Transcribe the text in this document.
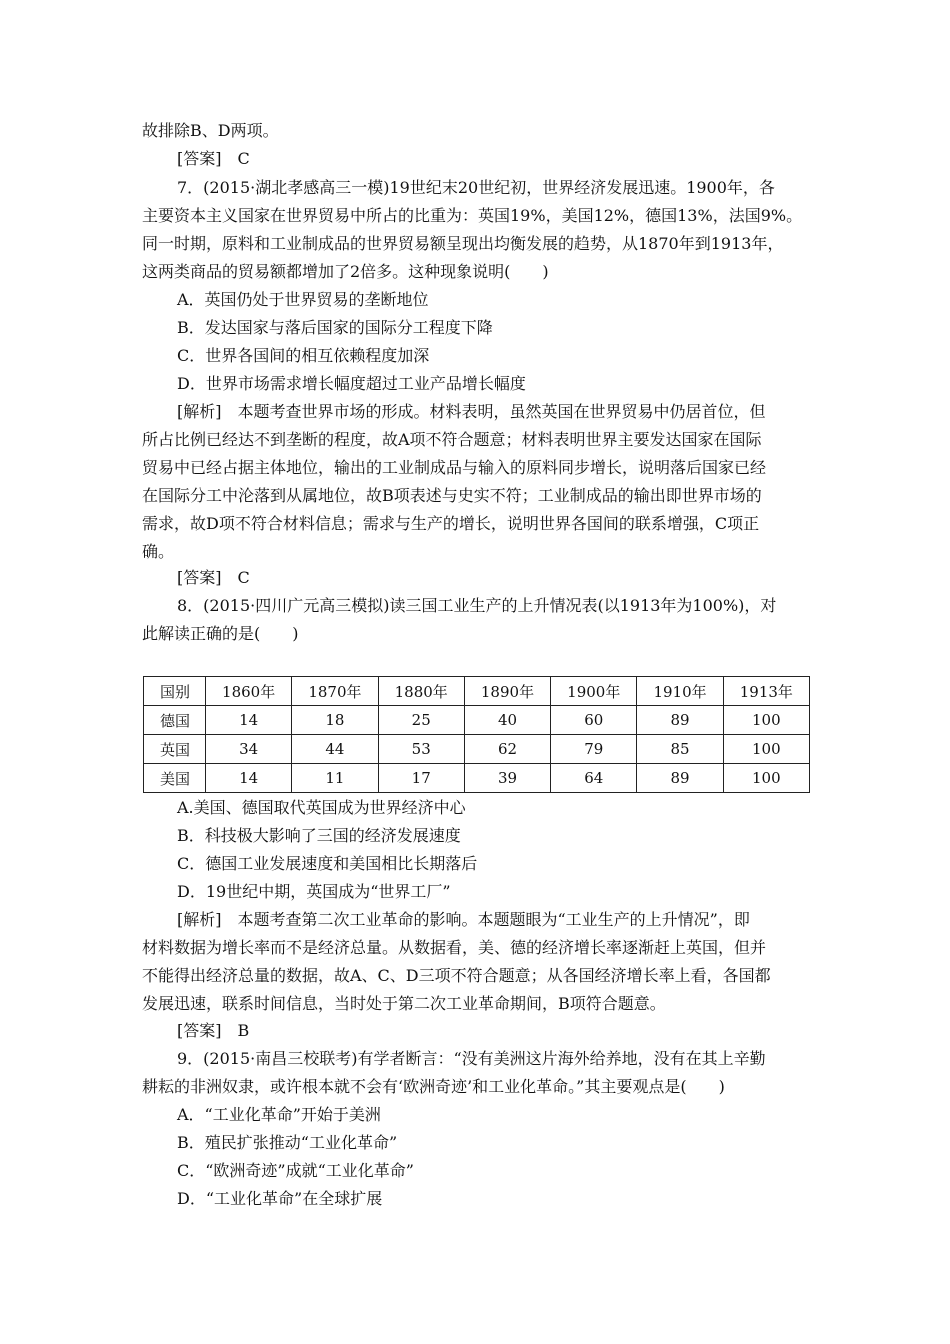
故排除B、D两项。
[答案]　C
7．(2015·湖北孝感高三一模)19世纪末20世纪初，世界经济发展迅速。1900年，各
主要资本主义国家在世界贸易中所占的比重为：英国19%，美国12%，德国13%，法国9%。
同一时期，原料和工业制成品的世界贸易额呈现出均衡发展的趋势，从1870年到1913年，
这两类商品的贸易额都增加了2倍多。这种现象说明(　　)
A．英国仍处于世界贸易的垄断地位
B．发达国家与落后国家的国际分工程度下降
C．世界各国间的相互依赖程度加深
D．世界市场需求增长幅度超过工业产品增长幅度
[解析]　本题考查世界市场的形成。材料表明，虽然英国在世界贸易中仍居首位，但
所占比例已经达不到垄断的程度，故A项不符合题意；材料表明世界主要发达国家在国际
贸易中已经占据主体地位，输出的工业制成品与输入的原料同步增长，说明落后国家已经
在国际分工中沦落到从属地位，故B项表述与史实不符；工业制成品的输出即世界市场的
需求，故D项不符合材料信息；需求与生产的增长，说明世界各国间的联系增强，C项正
确。
[答案]　C
8．(2015·四川广元高三模拟)读三国工业生产的上升情况表(以1913年为100%)，对
此解读正确的是(　　)
国别	1860年	1870年	1880年	1890年	1900年	1910年	1913年
德国	14	18	25	40	60	89	100
英国	34	44	53	62	79	85	100
美国	14	11	17	39	64	89	100
A.美国、德国取代英国成为世界经济中心
B．科技极大影响了三国的经济发展速度
C．德国工业发展速度和美国相比长期落后
D．19世纪中期，英国成为“世界工厂”
[解析]　本题考查第二次工业革命的影响。本题题眼为“工业生产的上升情况”，即
材料数据为增长率而不是经济总量。从数据看，美、德的经济增长率逐渐赶上英国，但并
不能得出经济总量的数据，故A、C、D三项不符合题意；从各国经济增长率上看，各国都
发展迅速，联系时间信息，当时处于第二次工业革命期间，B项符合题意。
[答案]　B
9．(2015·南昌三校联考)有学者断言：“没有美洲这片海外给养地，没有在其上辛勤
耕耘的非洲奴隶，或许根本就不会有‘欧洲奇迹’和工业化革命。”其主要观点是(　　)
A．“工业化革命”开始于美洲
B．殖民扩张推动“工业化革命”
C．“欧洲奇迹”成就“工业化革命”
D．“工业化革命”在全球扩展
